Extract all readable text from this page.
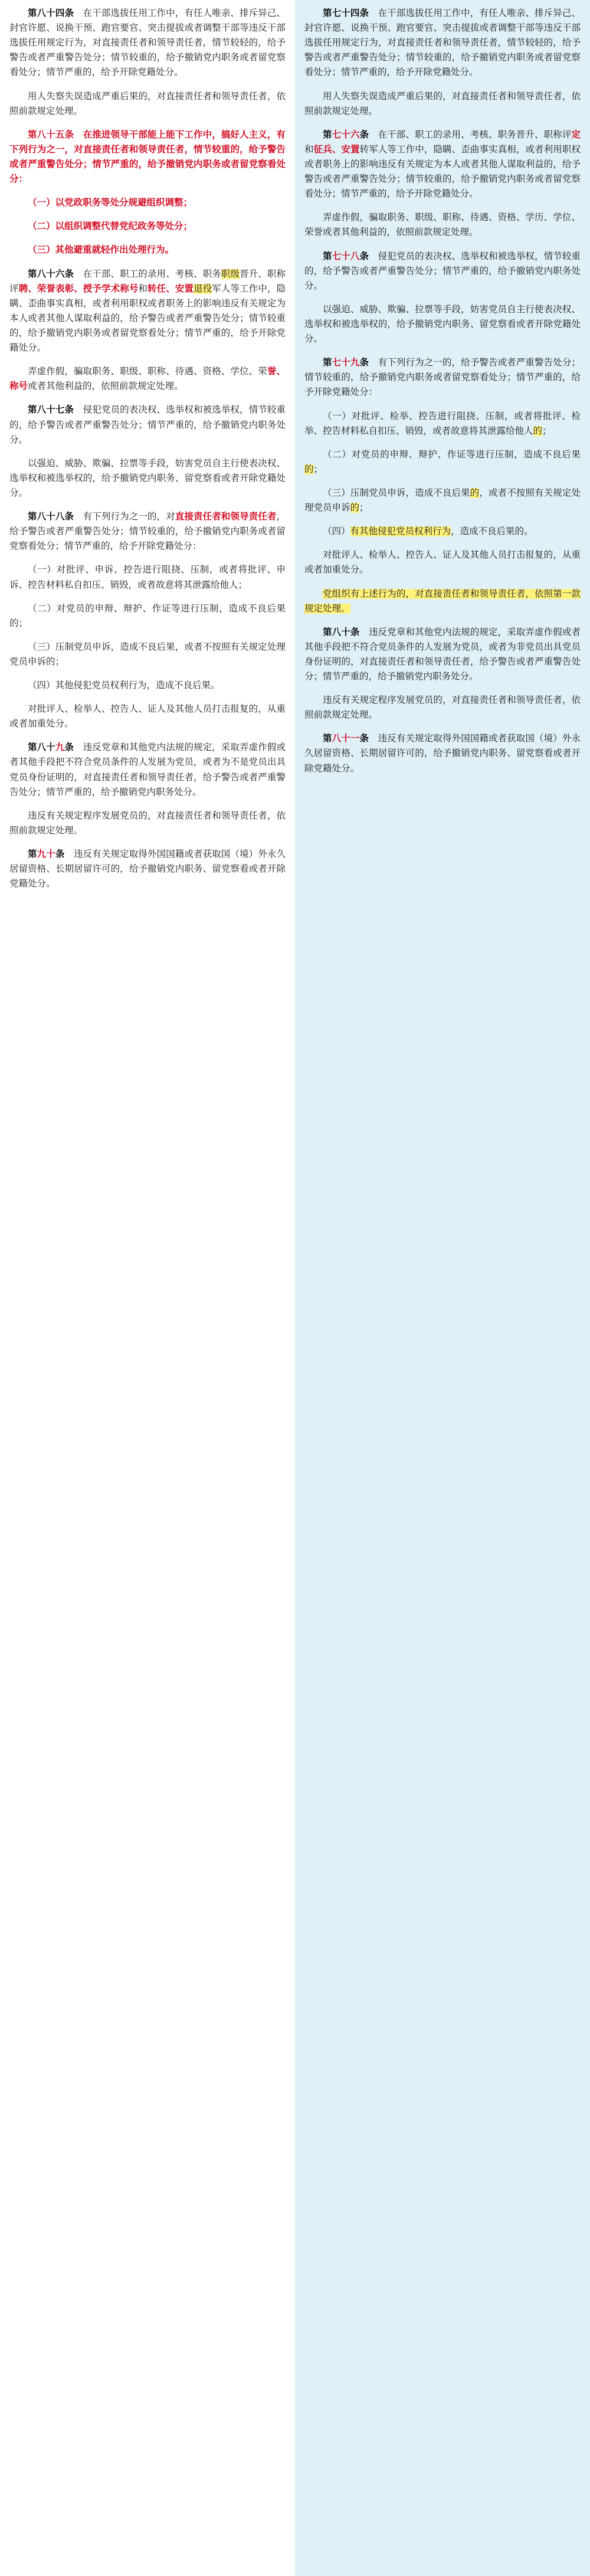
第八十四条　在干部选拔任用工作中，有任人唯亲、排斥异己、封官许愿、说换干预、跑官要官、突击提拔或者调整干部等违反干部选拔任用规定行为，对直接责任者和领导责任者，情节较轻的，给予警告或者严重警告处分；情节较重的，给予撤销党内职务或者留党察看处分；情节严重的，给予开除党籍处分。
用人失察失误造成严重后果的，对直接责任者和领导责任者，依照前款规定处理。
第八十五条　在推进领导干部能上能下工作中，搞好人主义，有下列行为之一，对直接责任者和领导责任者，情节较重的，给予警告或者严重警告处分；情节严重的，给予撤销党内职务或者留党察看处分：
（一）以党政职务等处分规避组织调整；
（二）以组织调整代替党纪政务等处分；
（三）其他避重就轻作出处理行为。
第八十六条　在干部、职工的录用、考核、职务职级晋升、职称评聘、荣誉表彰、授予学术称号和转任、安置退役军人等工作中，隐瞒、歪曲事实真相，或者利用职权或者职务上的影响违反有关规定为本人或者其他人谋取利益的，给予警告或者严重警告处分；情节较重的，给予撤销党内职务或者留党察看处分；情节严重的，给予开除党籍处分。
弄虚作假，骗取职务、职级、职称、待遇、资格、学位、荣誉、称号或者其他利益的，依照前款规定处理。
第八十七条　侵犯党员的表决权、选举权和被选举权，情节较重的，给予警告或者严重警告处分；情节严重的，给予撤销党内职务处分。
以强迫、威胁、欺骗、拉票等手段，妨害党员自主行使表决权、选举权和被选举权的，给予撤销党内职务、留党察看或者开除党籍处分。
第八十八条　有下列行为之一的，对直接责任者和领导责任者，给予警告或者严重警告处分；情节较重的，给予撤销党内职务或者留党察看处分；情节严重的，给予开除党籍处分：
（一）对批评、申诉、控告进行阻挠、压制，或者将批评、申诉、控告材料私自扣压、销毁，或者故意将其泄露给他人；
（二）对党员的申辩、辩护、作证等进行压制，造成不良后果的；
（三）压制党员申诉，造成不良后果，或者不按照有关规定处理党员申诉的；
（四）其他侵犯党员权利行为，造成不良后果。
对批评人、检举人、控告人、证人及其他人员打击报复的，从重或者加重处分。
第八十九条　违反党章和其他党内法规的规定，采取弄虚作假或者其他手段把不符合党员条件的人发展为党员，或者为不是党员出具党员身份证明的，对直接责任者和领导责任者，给予警告或者严重警告处分；情节严重的，给予撤销党内职务处分。
违反有关规定程序发展党员的，对直接责任者和领导责任者，依照前款规定处理。
第九十条　违反有关规定取得外国国籍或者获取国（境）外永久居留资格、长期居留许可的，给予撤销党内职务、留党察看或者开除党籍处分。
第七十四条　在干部选拔任用工作中，有任人唯亲、排斥异己、封官许愿、说换干预、跑官要官、突击提拔或者调整干部等违反干部选拔任用规定行为，对直接责任者和领导责任者，情节较轻的，给予警告或者严重警告处分；情节较重的，给予撤销党内职务或者留党察看处分；情节严重的，给予开除党籍处分。
用人失察失误造成严重后果的，对直接责任者和领导责任者，依照前款规定处理。
第七十六条　在干部、职工的录用、考核、职务晋升、职称评定和征兵、安置转军人等工作中，隐瞒、歪曲事实真相，或者利用职权或者职务上的影响违反有关规定为本人或者其他人谋取利益的，给予警告或者严重警告处分；情节较重的，给予撤销党内职务或者留党察看处分；情节严重的，给予开除党籍处分。
弄虚作假，骗取职务、职级、职称、待遇、资格、学历、学位、荣誉或者其他利益的，依照前款规定处理。
第七十八条　侵犯党员的表决权、选举权和被选举权，情节较重的，给予警告或者严重警告处分；情节严重的，给予撤销党内职务处分。
以强迫、威胁、欺骗、拉票等手段，妨害党员自主行使表决权、选举权和被选举权的，给予撤销党内职务、留党察看或者开除党籍处分。
第七十九条　有下列行为之一的，给予警告或者严重警告处分；情节较重的，给予撤销党内职务或者留党察看处分；情节严重的，给予开除党籍处分：
（一）对批评、检举、控告进行阻挠、压制，或者将批评、检举、控告材料私自扣压、销毁，或者故意将其泄露给他人的；
（二）对党员的申辩、辩护、作证等进行压制，造成不良后果的；
（三）压制党员申诉，造成不良后果的，或者不按照有关规定处理党员申诉的；
（四）有其他侵犯党员权利行为，造成不良后果的。
对批评人、检举人、控告人、证人及其他人员打击报复的，从重或者加重处分。
党组织有上述行为的，对直接责任者和领导责任者，依照第一款规定处理。
第八十条　违反党章和其他党内法规的规定，采取弄虚作假或者其他手段把不符合党员条件的人发展为党员，或者为非党员出具党员身份证明的，对直接责任者和领导责任者，给予警告或者严重警告处分；情节严重的，给予撤销党内职务处分。
违反有关规定程序发展党员的，对直接责任者和领导责任者，依照前款规定处理。
第八十一条　违反有关规定取得外国国籍或者获取国（境）外永久居留资格、长期居留许可的，给予撤销党内职务、留党察看或者开除党籍处分。
